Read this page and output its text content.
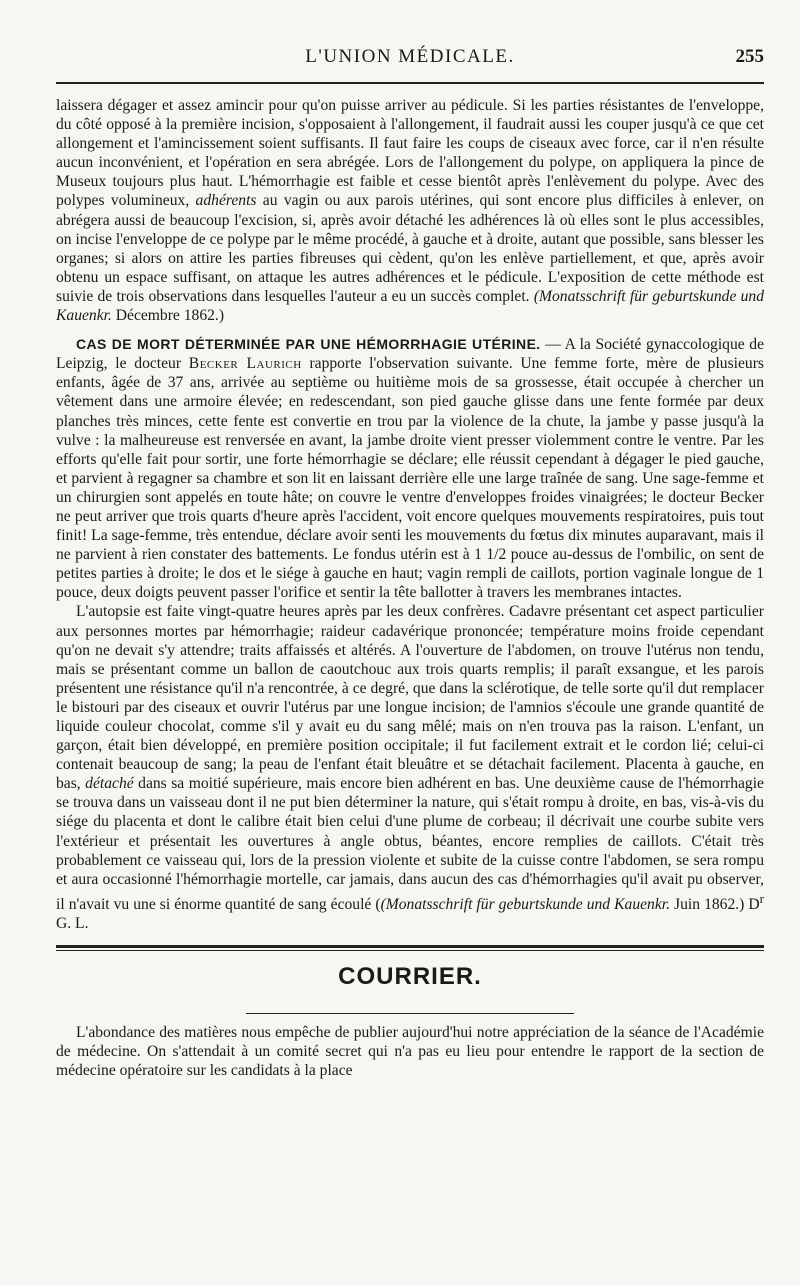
L'UNION MÉDICALE.	255

laissera dégager et assez amincir pour qu'on puisse arriver au pédicule. Si les parties résistantes de l'enveloppe, du côté opposé à la première incision, s'opposaient à l'allongement, il faudrait aussi les couper jusqu'à ce que cet allongement et l'amincissement soient suffisants. Il faut faire les coups de ciseaux avec force, car il n'en résulte aucun inconvénient, et l'opération en sera abrégée. Lors de l'allongement du polype, on appliquera la pince de Museux toujours plus haut. L'hémorrhagie est faible et cesse bientôt après l'enlèvement du polype. Avec des polypes volumineux, adhérents au vagin ou aux parois utérines, qui sont encore plus difficiles à enlever, on abrégera aussi de beaucoup l'excision, si, après avoir détaché les adhérences là où elles sont le plus accessibles, on incise l'enveloppe de ce polype par le même procédé, à gauche et à droite, autant que possible, sans blesser les organes; si alors on attire les parties fibreuses qui cèdent, qu'on les enlève partiellement, et que, après avoir obtenu un espace suffisant, on attaque les autres adhérences et le pédicule. L'exposition de cette méthode est suivie de trois observations dans lesquelles l'auteur a eu un succès complet. (Monatsschrift für geburtskunde und Kauenkr. Décembre 1862.)

CAS DE MORT DÉTERMINÉE PAR UNE HÉMORRHAGIE UTÉRINE. — A la Société gynaccologique de Leipzig, le docteur Becker Laurich rapporte l'observation suivante. Une femme forte, mère de plusieurs enfants, âgée de 37 ans, arrivée au septième ou huitième mois de sa grossesse, était occupée à chercher un vêtement dans une armoire élevée; en redescendant, son pied gauche glisse dans une fente formée par deux planches très minces, cette fente est convertie en trou par la violence de la chute, la jambe y passe jusqu'à la vulve : la malheureuse est renversée en avant, la jambe droite vient presser violemment contre le ventre. Par les efforts qu'elle fait pour sortir, une forte hémorrhagie se déclare; elle réussit cependant à dégager le pied gauche, et parvient à regagner sa chambre et son lit en laissant derrière elle une large traînée de sang. Une sage-femme et un chirurgien sont appelés en toute hâte; on couvre le ventre d'enveloppes froides vinaigrées; le docteur Becker ne peut arriver que trois quarts d'heure après l'accident, voit encore quelques mouvements respiratoires, puis tout finit! La sage-femme, très entendue, déclare avoir senti les mouvements du fœtus dix minutes auparavant, mais il ne parvient à rien constater des battements. Le fondus utérin est à 1 1/2 pouce au-dessus de l'ombilic, on sent de petites parties à droite; le dos et le siége à gauche en haut; vagin rempli de caillots, portion vaginale longue de 1 pouce, deux doigts peuvent passer l'orifice et sentir la tête ballotter à travers les membranes intactes.

L'autopsie est faite vingt-quatre heures après par les deux confrères. Cadavre présentant cet aspect particulier aux personnes mortes par hémorrhagie; raideur cadavérique prononcée; température moins froide cependant qu'on ne devait s'y attendre; traits affaissés et altérés. A l'ouverture de l'abdomen, on trouve l'utérus non tendu, mais se présentant comme un ballon de caoutchouc aux trois quarts remplis; il paraît exsangue, et les parois présentent une résistance qu'il n'a rencontrée, à ce degré, que dans la sclérotique, de telle sorte qu'il dut remplacer le bistouri par des ciseaux et ouvrir l'utérus par une longue incision; de l'amnios s'écoule une grande quantité de liquide couleur chocolat, comme s'il y avait eu du sang mêlé; mais on n'en trouva pas la raison. L'enfant, un garçon, était bien développé, en première position occipitale; il fut facilement extrait et le cordon lié; celui-ci contenait beaucoup de sang; la peau de l'enfant était bleuâtre et se détachait facilement. Placenta à gauche, en bas, détaché dans sa moitié supérieure, mais encore bien adhérent en bas. Une deuxième cause de l'hémorrhagie se trouva dans un vaisseau dont il ne put bien déterminer la nature, qui s'était rompu à droite, en bas, vis-à-vis du siége du placenta et dont le calibre était bien celui d'une plume de corbeau; il décrivait une courbe subite vers l'extérieur et présentait les ouvertures à angle obtus, béantes, encore remplies de caillots. C'était très probablement ce vaisseau qui, lors de la pression violente et subite de la cuisse contre l'abdomen, se sera rompu et aura occasionné l'hémorrhagie mortelle, car jamais, dans aucun des cas d'hémorrhagies qu'il avait pu observer, il n'avait vu une si énorme quantité de sang écoulé ((Monatsschrift für geburtskunde und Kauenkr. Juin 1862.) $D^r$ G. L.

COURRIER.

L'abondance des matières nous empêche de publier aujourd'hui notre appréciation de la séance de l'Académie de médecine. On s'attendait à un comité secret qui n'a pas eu lieu pour entendre le rapport de la section de médecine opératoire sur les candidats à la place
